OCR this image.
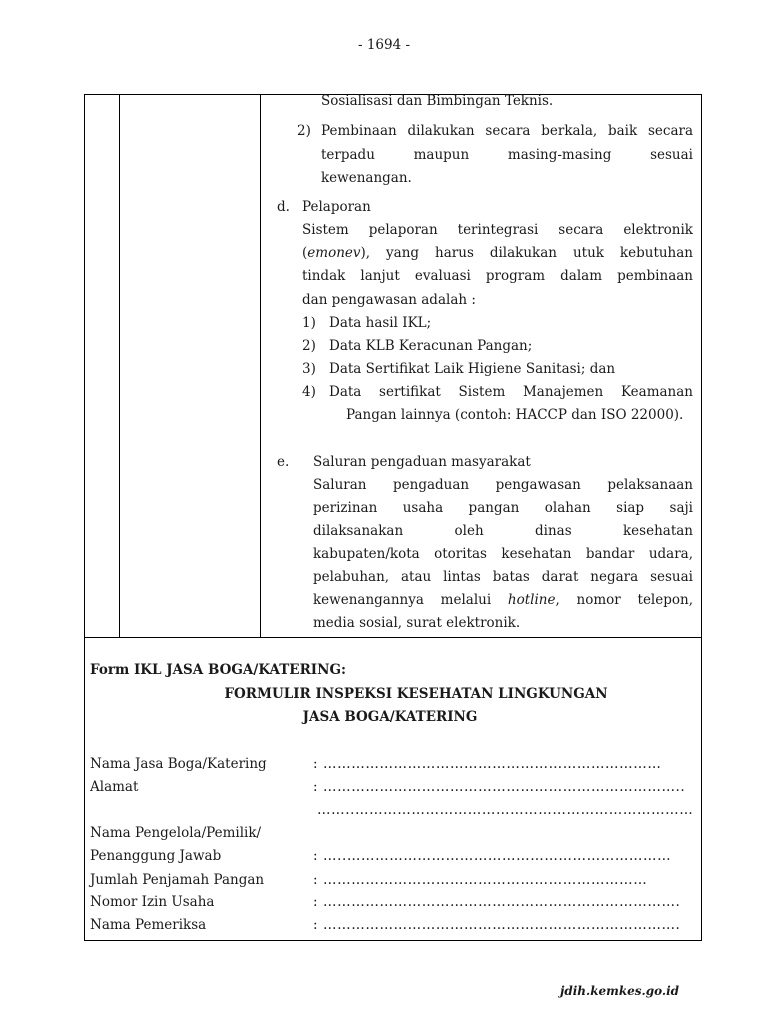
- 1694 -
Sosialisasi dan Bimbingan Teknis.
2) Pembinaan dilakukan secara berkala, baik secara
terpadu maupun masing-masing sesuai
kewenangan.
d. Pelaporan
Sistem pelaporan terintegrasi secara elektronik
(emonev), yang harus dilakukan utuk kebutuhan
tindak lanjut evaluasi program dalam pembinaan
dan pengawasan adalah :
1) Data hasil IKL;
2) Data KLB Keracunan Pangan;
3) Data Sertifikat Laik Higiene Sanitasi; dan
4) Data sertifikat Sistem Manajemen Keamanan
Pangan lainnya (contoh: HACCP dan ISO 22000).
e. Saluran pengaduan masyarakat
Saluran pengaduan pengawasan pelaksanaan
perizinan usaha pangan olahan siap saji
dilaksanakan oleh dinas kesehatan
kabupaten/kota otoritas kesehatan bandar udara,
pelabuhan, atau lintas batas darat negara sesuai
kewenangannya melalui hotline, nomor telepon,
media sosial, surat elektronik.
Form IKL JASA BOGA/KATERING:
FORMULIR INSPEKSI KESEHATAN LINGKUNGAN
JASA BOGA/KATERING
Nama Jasa Boga/Katering	: ………………………………………………………………
Alamat	: …………………………………………………………………..
……..………………………………………………………………
Nama Pengelola/Pemilik/
Penanggung Jawab	: …..……………………………………………………………
Jumlah Penjamah Pangan	: ……………………………………………………………
Nomor Izin Usaha	: ………………………………………………………………….
Nama Pemeriksa	: ………………………………………………………………….
jdih.kemkes.go.id
